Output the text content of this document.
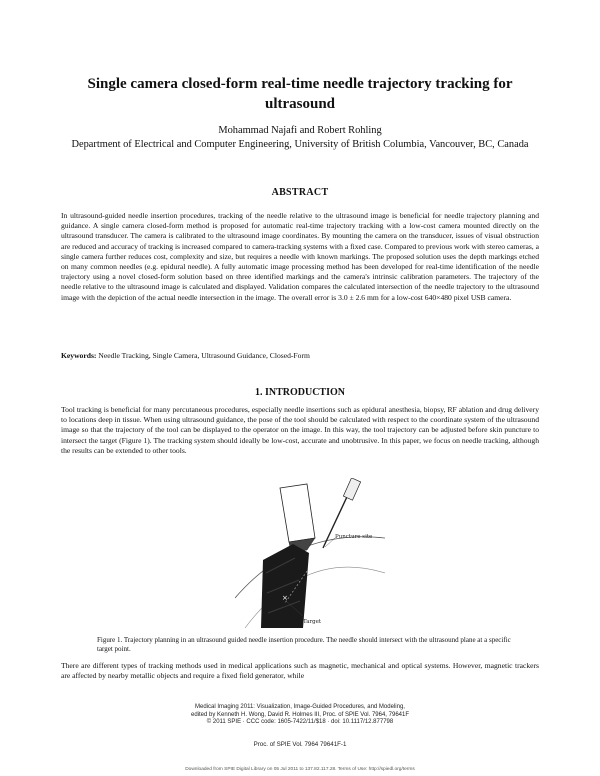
Single camera closed-form real-time needle trajectory tracking for ultrasound
Mohammad Najafi and Robert Rohling
Department of Electrical and Computer Engineering, University of British Columbia, Vancouver, BC, Canada
ABSTRACT
In ultrasound-guided needle insertion procedures, tracking of the needle relative to the ultrasound image is beneficial for needle trajectory planning and guidance. A single camera closed-form method is proposed for automatic real-time trajectory tracking with a low-cost camera mounted directly on the ultrasound transducer. The camera is calibrated to the ultrasound image coordinates. By mounting the camera on the transducer, issues of visual obstruction are reduced and accuracy of tracking is increased compared to camera-tracking systems with a fixed case. Compared to previous work with stereo cameras, a single camera further reduces cost, complexity and size, but requires a needle with known markings. The proposed solution uses the depth markings etched on many common needles (e.g. epidural needle). A fully automatic image processing method has been developed for real-time identification of the needle trajectory using a novel closed-form solution based on three identified markings and the camera's intrinsic calibration parameters. The trajectory of the needle relative to the ultrasound image is calculated and displayed. Validation compares the calculated intersection of the needle trajectory to the ultrasound image with the depiction of the actual needle intersection in the image. The overall error is 3.0 ± 2.6 mm for a low-cost 640×480 pixel USB camera.
Keywords: Needle Tracking, Single Camera, Ultrasound Guidance, Closed-Form
1. INTRODUCTION
Tool tracking is beneficial for many percutaneous procedures, especially needle insertions such as epidural anesthesia, biopsy, RF ablation and drug delivery to locations deep in tissue. When using ultrasound guidance, the pose of the tool should be calculated with respect to the coordinate system of the ultrasound image so that the trajectory of the tool can be displayed to the operator on the image. In this way, the tool trajectory can be adjusted before skin puncture to intersect the target (Figure 1). The tracking system should ideally be low-cost, accurate and unobtrusive. In this paper, we focus on needle tracking, although the results can be extended to other tools.
×
Puncture site
Target
Figure 1. Trajectory planning in an ultrasound guided needle insertion procedure. The needle should intersect with the ultrasound plane at a specific target point.
There are different types of tracking methods used in medical applications such as magnetic, mechanical and optical systems. However, magnetic trackers are affected by nearby metallic objects and require a fixed field generator, while
Medical Imaging 2011: Visualization, Image-Guided Procedures, and Modeling,
edited by Kenneth H. Wong, David R. Holmes III, Proc. of SPIE Vol. 7964, 79641F
© 2011 SPIE · CCC code: 1605-7422/11/$18 · doi: 10.1117/12.877798
Proc. of SPIE Vol. 7964 79641F-1
Downloaded from SPIE Digital Library on 05 Jul 2011 to 137.82.117.28. Terms of Use: http://spiedl.org/terms
